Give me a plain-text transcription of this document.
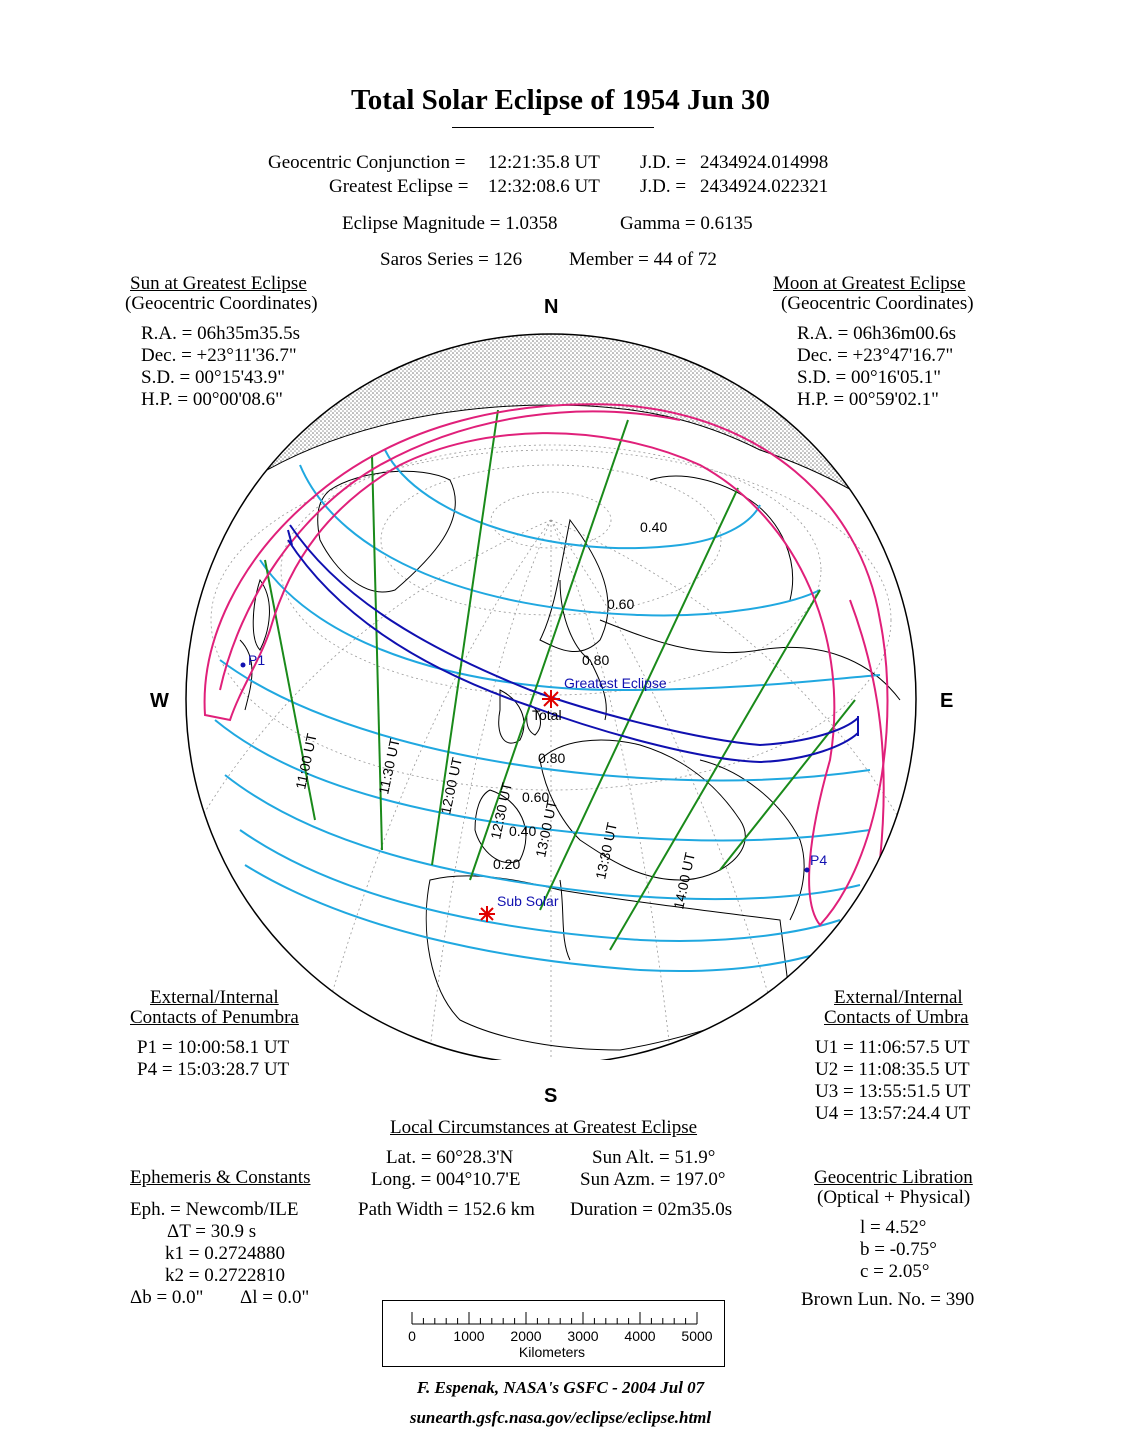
Total Solar Eclipse of 1954 Jun 30
Geocentric Conjunction = 12:21:35.8 UT J.D. = 2434924.014998
Greatest Eclipse = 12:32:08.6 UT J.D. = 2434924.022321
Eclipse Magnitude = 1.0358	Gamma = 0.6135
Saros Series = 126 Member = 44 of 72
Sun at Greatest Eclipse
(Geocentric Coordinates)
R.A. = 06h35m35.5s
Dec. = +23°11'36.7"
S.D. = 00°15'43.9"
H.P. = 00°00'08.6"
Moon at Greatest Eclipse
(Geocentric Coordinates)
R.A. = 06h36m00.6s
Dec. = +23°47'16.7"
S.D. = 00°16'05.1"
H.P. = 00°59'02.1"
N
S
W	E
Greatest Eclipse
Total
Sub Solar
P1
P4
0.40
0.60
0.80
0.80
0.60
0.40
0.20
11:00 UT	11:30 UT 12:00 UT 12:30 UT 13:00 UT 13:30 UT
14:00 UT
External/Internal
Contacts of Penumbra
P1 = 10:00:58.1 UT
P4 = 15:03:28.7 UT
External/Internal
Contacts of Umbra
U1 = 11:06:57.5 UT
U2 = 11:08:35.5 UT
U3 = 13:55:51.5 UT
U4 = 13:57:24.4 UT
Local Circumstances at Greatest Eclipse
Lat. = 60°28.3'N
Long. = 004°10.7'E
Sun Alt. = 51.9°
Sun Azm. = 197.0°
Path Width = 152.6 km Duration = 02m35.0s
Ephemeris & Constants
Eph. = Newcomb/ILE
ΔT = 30.9 s
k1 = 0.2724880
k2 = 0.2722810
Δb = 0.0" Δl = 0.0"
Geocentric Libration
(Optical + Physical)
l = 4.52°
b = -0.75°
c = 2.05°
Brown Lun. No. = 390
0	1000 2000 3000 4000 5000
Kilometers
F. Espenak, NASA's GSFC - 2004 Jul 07
sunearth.gsfc.nasa.gov/eclipse/eclipse.html
